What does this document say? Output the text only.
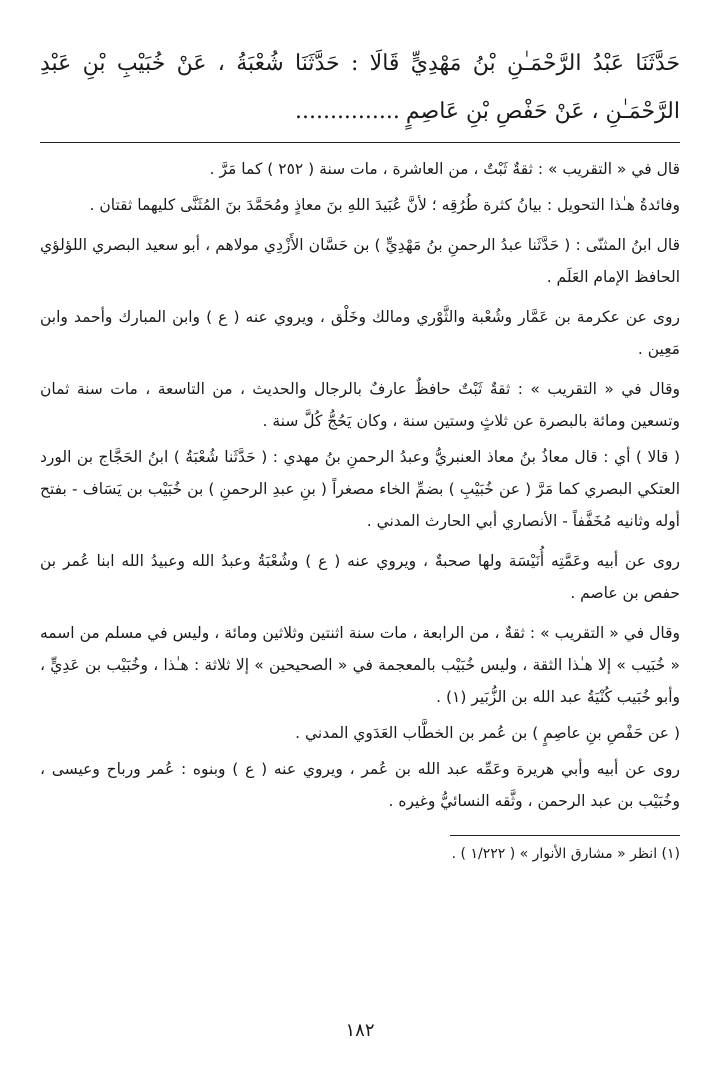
حَدَّثَنَا عَبْدُ الرَّحْمَـٰنِ بْنُ مَهْدِيٍّ قَالَا : حَدَّثَنَا شُعْبَةُ ، عَنْ خُبَيْبِ بْنِ عَبْدِ الرَّحْمَـٰنِ ، عَنْ حَفْصِ بْنِ عَاصِمٍ...............

قال في « التقريب » : ثقةٌ ثَبْتٌ ، من العاشرة ، مات سنة ( ٢٥٢ ) كما مَرَّ .

وفائدةُ هـٰذا التحويل : بيانُ كثرة طُرُقِه ؛ لأنَّ عُبَيدَ اللهِ بنَ معاذٍ ومُحَمَّدَ بنَ المُثَنَّى كليهما ثقتان .

قال ابنُ المثنّى : ( حَدَّثَنا عبدُ الرحمنِ بنُ مَهْدِيٍّ ) بن حَسَّان الأَزْدِي مولاهم ، أبو سعيد البصري اللؤلؤي الحافظ الإمام العَلَم .

روى عن عكرمة بن عَمَّار وشُعْبة والثَّوْري ومالك وخَلْق ، ويروي عنه ( ع ) وابن المبارك وأحمد وابن مَعِين .

وقال في « التقريب » : ثقةٌ ثَبْتٌ حافظٌ عارفٌ بالرجال والحديث ، من التاسعة ، مات سنة ثمان وتسعين ومائة بالبصرة عن ثلاثٍ وستين سنة ، وكان يَحُجُّ كُلَّ سنة .

( قالا ) أي : قال معاذُ بنُ معاذ العنبريُّ وعبدُ الرحمنِ بنُ مهدي : ( حَدَّثَنا شُعْبَةُ ) ابنُ الحَجَّاج بن الورد العتكي البصري كما مَرَّ ( عن خُبَيْبِ ) بضمِّ الخاء مصغراً ( بنِ عبدِ الرحمنِ ) بن خُبَيْب بن يَسَاف - بفتح أوله وثانيه مُخَفَّفاً - الأنصاري أبي الحارث المدني .

روى عن أبيه وعَمَّتِه أُنَيْسَة ولها صحبةٌ ، ويروي عنه ( ع ) وشُعْبَةُ وعبدُ الله وعبيدُ الله ابنا عُمر بن حفص بن عاصم .

وقال في « التقريب » : ثقةٌ ، من الرابعة ، مات سنة اثنتين وثلاثين ومائة ، وليس في مسلم من اسمه « خُبَيب » إلا هـٰذا الثقة ، وليس خُبَيْب بالمعجمة في « الصحيحين » إلا ثلاثة : هـٰذا ، وخُبَيْب بن عَدِيٍّ ، وأبو خُبَيب كُنْيَةُ عبد الله بن الزُّبَير (١) .

( عن حَفْصِ بنِ عاصِمٍ ) بن عُمر بن الخطَّاب العَدَوي المدني .

روى عن أبيه وأبي هريرة وعَمِّه عبد الله بن عُمر ، ويروي عنه ( ع ) وبنوه : عُمر ورباح وعيسى ، وخُبَيْب بن عبد الرحمن ، وثَّقه النسائيُّ وغيره .

(١) انظر « مشارق الأنوار » ( ١/٢٢٢ ) .
١٨٢
